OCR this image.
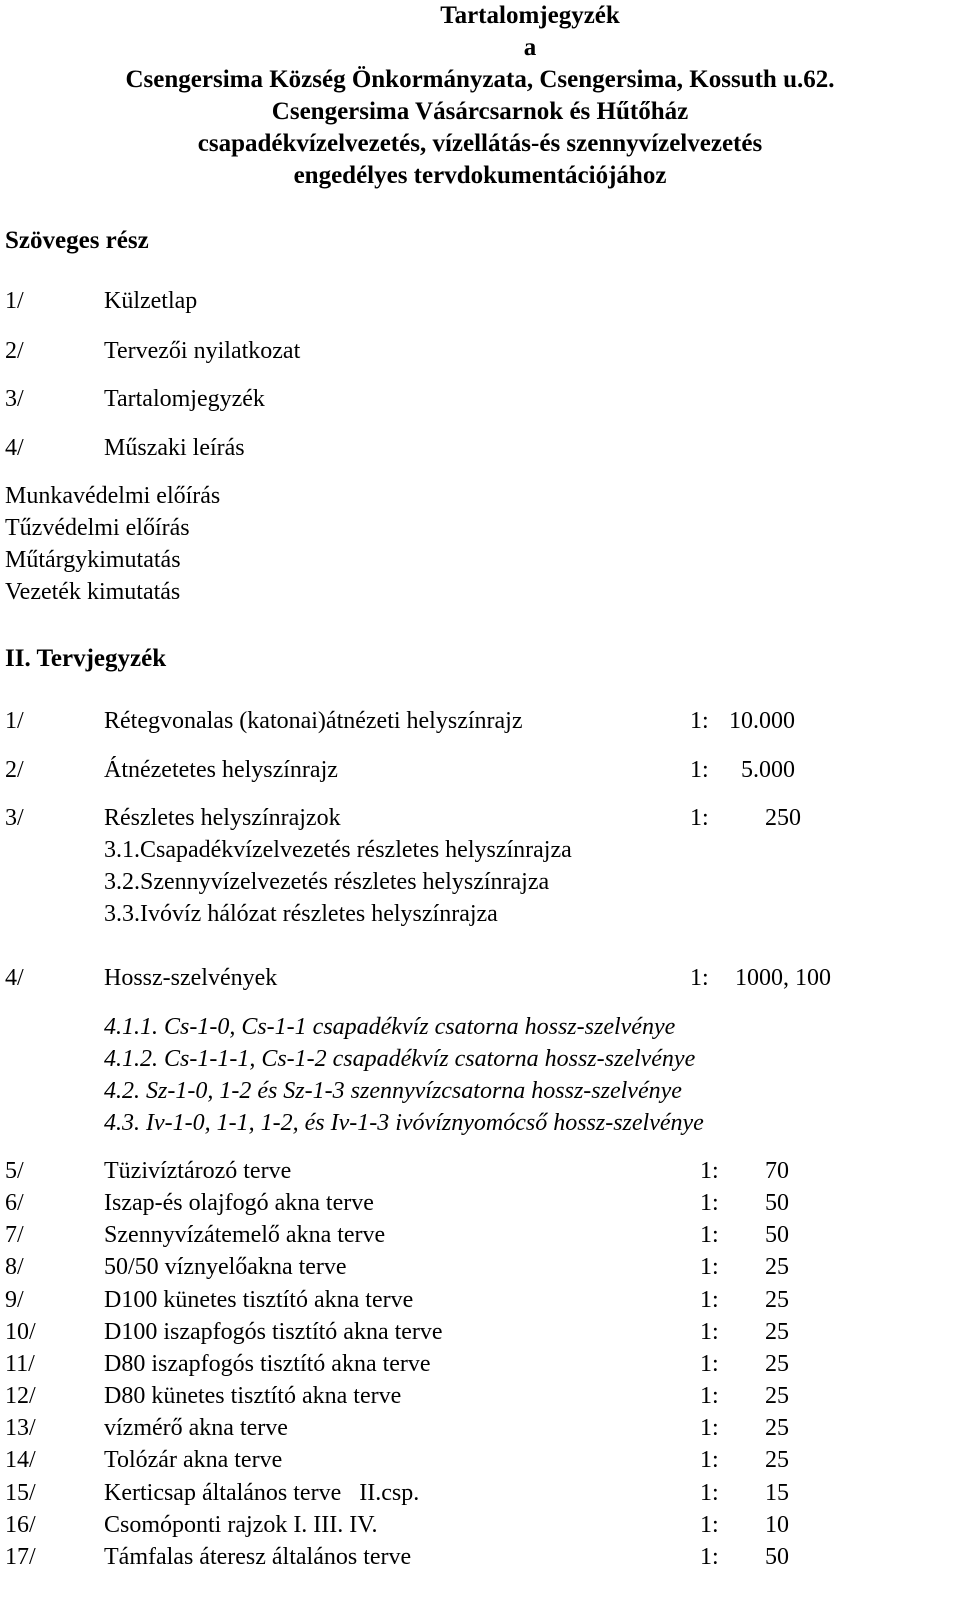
Tartalomjegyzék
a
Csengersima Község Önkormányzata, Csengersima, Kossuth u.62.
Csengersima Vásárcsarnok és Hűtőház
csapadékvízelvezetés, vízellátás-és szennyvízelvezetés
engedélyes tervdokumentációjához
Szöveges rész
1/	Külzetlap
2/	Tervezői nyilatkozat
3/	Tartalomjegyzék
4/	Műszaki leírás
Munkavédelmi előírás
Tűzvédelmi előírás
Műtárgykimutatás
Vezeték kimutatás
II. Tervjegyzék
1/	Rétegvonalas (katonai)átnézeti helyszínrajz	1: 10.000
2/	Átnézetetes helyszínrajz	1: 5.000
3/	Részletes helyszínrajzok	1: 250
3.1.Csapadékvízelvezetés részletes helyszínrajza
3.2.Szennyvízelvezetés részletes helyszínrajza
3.3.Ivóvíz hálózat részletes helyszínrajza
4/	Hossz-szelvények	1: 1000, 100
4.1.1. Cs-1-0, Cs-1-1 csapadékvíz csatorna hossz-szelvénye
4.1.2. Cs-1-1-1, Cs-1-2 csapadékvíz csatorna hossz-szelvénye
4.2. Sz-1-0, 1-2 és Sz-1-3 szennyvízcsatorna hossz-szelvénye
4.3. Iv-1-0, 1-1, 1-2, és Iv-1-3 ivóvíznyomócső hossz-szelvénye
5/	Tüzivíztározó terve	1: 70
6/	Iszap-és olajfogó akna terve	1: 50
7/	Szennyvízátemelő akna terve	1: 50
8/	50/50 víznyelőakna terve	1: 25
9/	D100 künetes tisztító akna terve	1: 25
10/	D100 iszapfogós tisztító akna terve	1: 25
11/	D80 iszapfogós tisztító akna terve	1: 25
12/	D80 künetes tisztító akna terve	1: 25
13/	vízmérő akna terve	1: 25
14/	Tolózár akna terve	1: 25
15/	Kerticsap általános terve   II.csp.	1: 15
16/	Csomóponti rajzok I. III. IV.	1: 10
17/	Támfalas áteresz általános terve	1: 50
